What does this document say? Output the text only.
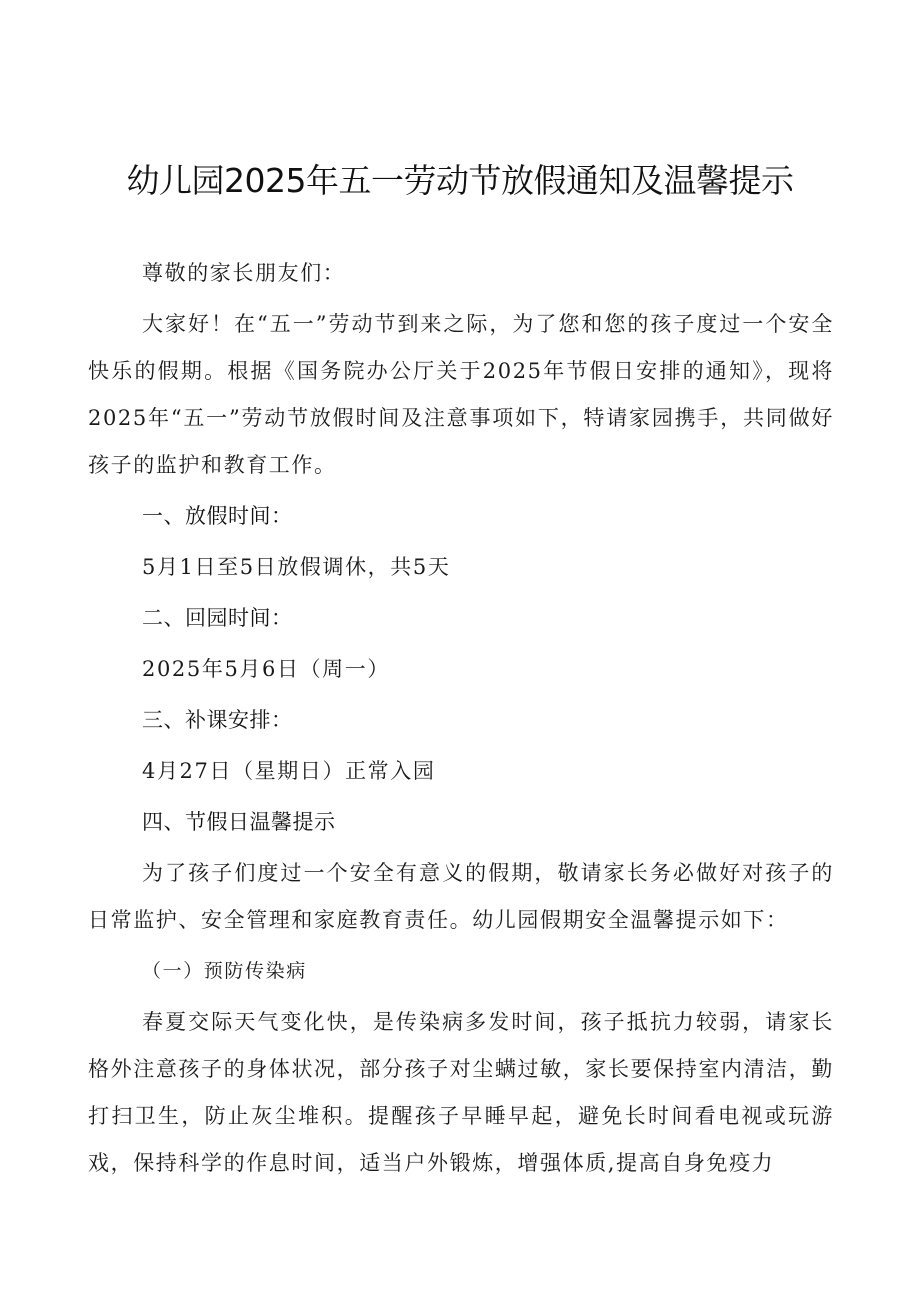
幼儿园2025年五一劳动节放假通知及温馨提示

尊敬的家长朋友们：

大家好！在“五一”劳动节到来之际，为了您和您的孩子度过一个安全快乐的假期。根据《国务院办公厅关于2025年节假日安排的通知》，现将2025年“五一”劳动节放假时间及注意事项如下，特请家园携手，共同做好孩子的监护和教育工作。

一、放假时间：

5月1日至5日放假调休，共5天

二、回园时间：

2025年5月6日（周一）

三、补课安排：

4月27日（星期日）正常入园

四、节假日温馨提示

为了孩子们度过一个安全有意义的假期，敬请家长务必做好对孩子的日常监护、安全管理和家庭教育责任。幼儿园假期安全温馨提示如下：

（一）预防传染病

春夏交际天气变化快，是传染病多发时间，孩子抵抗力较弱，请家长格外注意孩子的身体状况，部分孩子对尘螨过敏，家长要保持室内清洁，勤打扫卫生，防止灰尘堆积。提醒孩子早睡早起，避免长时间看电视或玩游戏，保持科学的作息时间，适当户外锻炼，增强体质,提高自身免疫力
